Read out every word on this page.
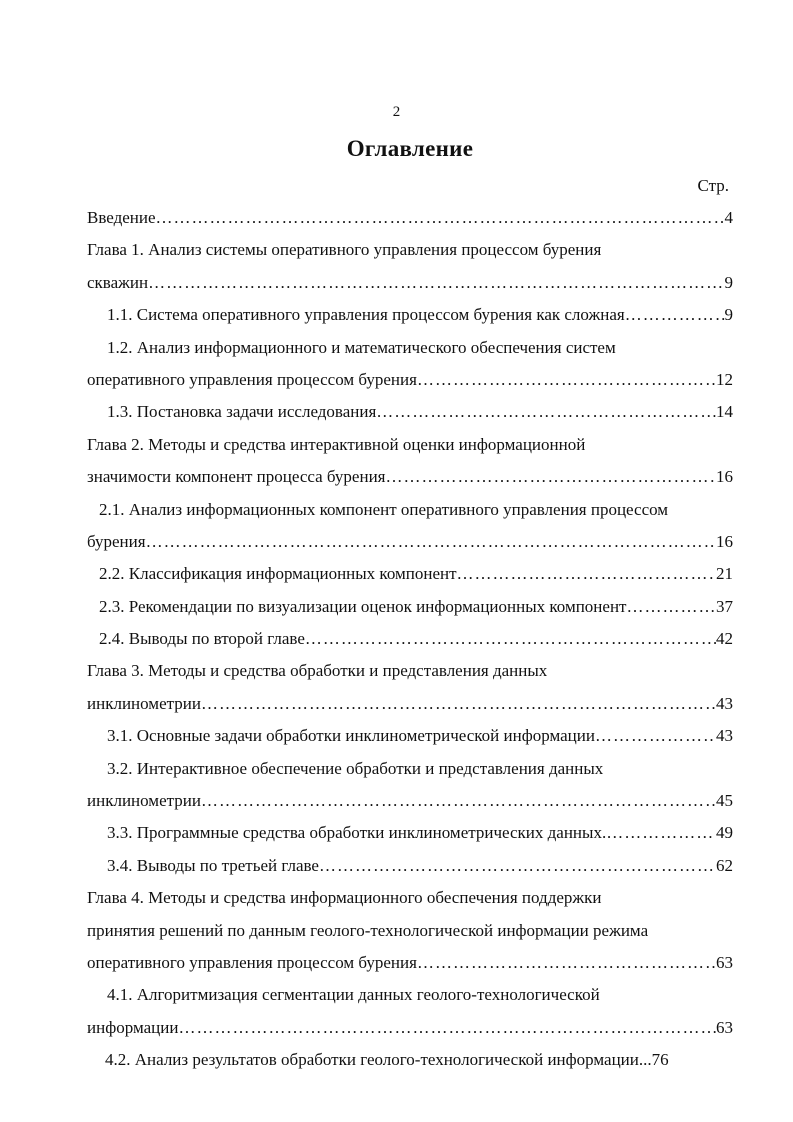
2
Оглавление
Стр.
Введение …………………………………………………………………………………………………………………………………………………………………………	4
Глава 1. Анализ системы оперативного управления процессом бурения
скважин …………………………………………………………………………………………………………………………………………………………………………	9
1.1. Система оперативного управления процессом бурения как сложная …………………………………………………………………………………………………………………………………………………………………………	9
1.2. Анализ информационного и математического обеспечения систем
оперативного управления процессом бурения …………………………………………………………………………………………………………………………………………………………………………	12
1.3. Постановка задачи исследования …………………………………………………………………………………………………………………………………………………………………………	14
Глава 2. Методы и средства интерактивной оценки информационной
значимости компонент процесса бурения …………………………………………………………………………………………………………………………………………………………………………	16
2.1. Анализ информационных компонент оперативного управления процессом
бурения …………………………………………………………………………………………………………………………………………………………………………	16
2.2. Классификация информационных компонент …………………………………………………………………………………………………………………………………………………………………………	21
2.3. Рекомендации по визуализации оценок информационных компонент …………………………………………………………………………………………………………………………………………………………………………	37
2.4. Выводы по второй главе …………………………………………………………………………………………………………………………………………………………………………	42
Глава 3. Методы и средства обработки и представления данных
инклинометрии …………………………………………………………………………………………………………………………………………………………………………	43
3.1. Основные задачи обработки инклинометрической информации …………………………………………………………………………………………………………………………………………………………………………	43
3.2. Интерактивное обеспечение обработки и представления данных
инклинометрии …………………………………………………………………………………………………………………………………………………………………………	45
3.3. Программные средства обработки инклинометрических данных. …………………………………………………………………………………………………………………………………………………………………………	49
3.4. Выводы по третьей главе …………………………………………………………………………………………………………………………………………………………………………	62
Глава 4. Методы и средства информационного обеспечения поддержки
принятия решений по данным геолого-технологической информации режима
оперативного управления процессом бурения …………………………………………………………………………………………………………………………………………………………………………	63
4.1. Алгоритмизация сегментации данных геолого-технологической
информации …………………………………………………………………………………………………………………………………………………………………………	63
4.2. Анализ результатов обработки геолого-технологической информации... 76
